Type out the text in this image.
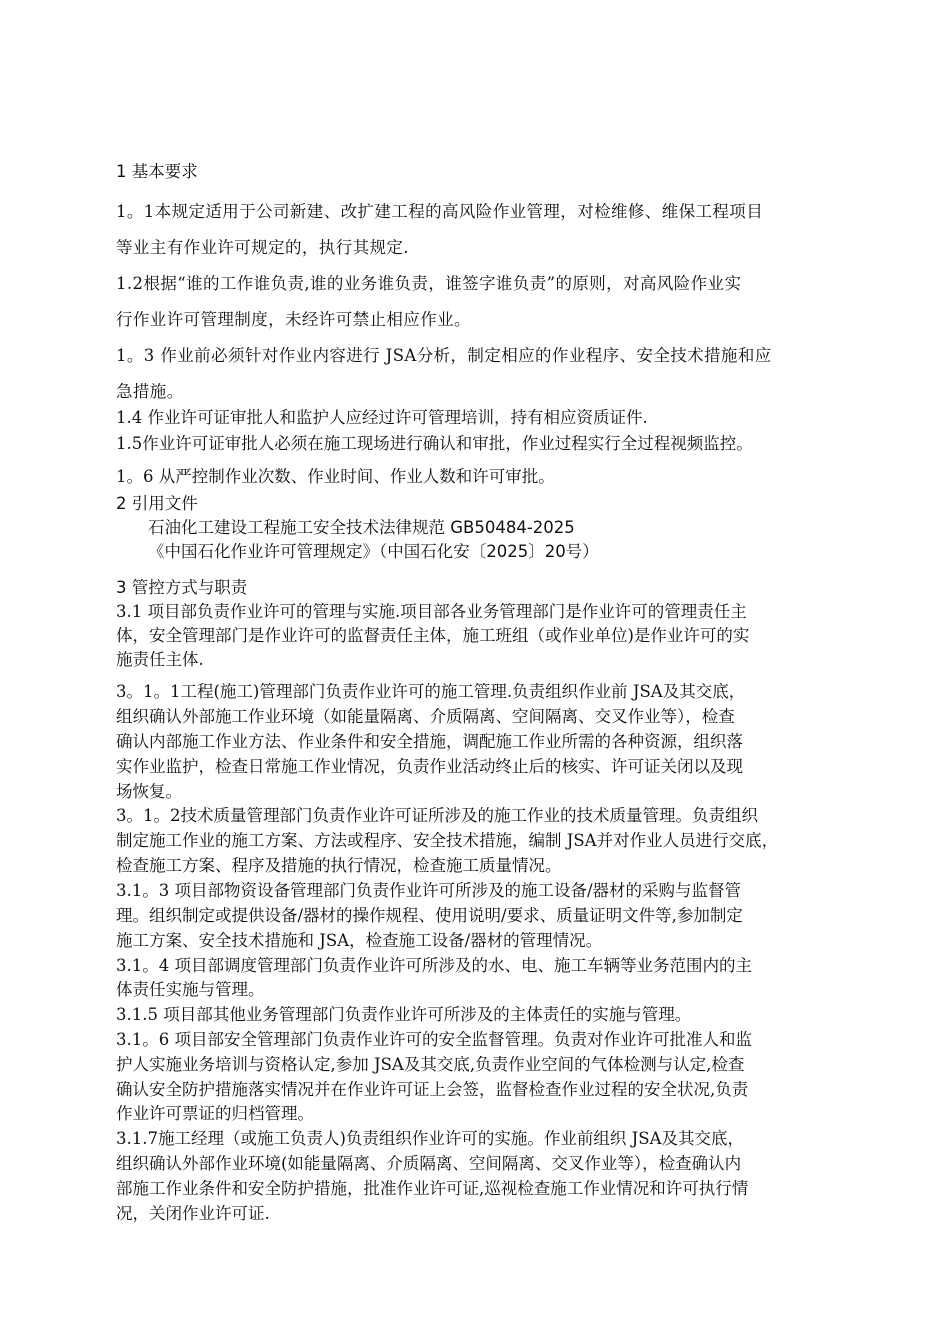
1 基本要求
1。1本规定适用于公司新建、改扩建工程的高风险作业管理，对检维修、维保工程项目
等业主有作业许可规定的，执行其规定.
1.2根据“谁的工作谁负责,谁的业务谁负责，谁签字谁负责”的原则，对高风险作业实
行作业许可管理制度，未经许可禁止相应作业。
1。3 作业前必须针对作业内容进行 JSA分析，制定相应的作业程序、安全技术措施和应
急措施。
1.4 作业许可证审批人和监护人应经过许可管理培训，持有相应资质证件.
1.5作业许可证审批人必须在施工现场进行确认和审批，作业过程实行全过程视频监控。
1。6 从严控制作业次数、作业时间、作业人数和许可审批。
2 引用文件
石油化工建设工程施工安全技术法律规范 GB50484-2025
《中国石化作业许可管理规定》（中国石化安〔2025〕20号）
3 管控方式与职责
3.1 项目部负责作业许可的管理与实施.项目部各业务管理部门是作业许可的管理责任主
体，安全管理部门是作业许可的监督责任主体，施工班组（或作业单位)是作业许可的实
施责任主体.
3。1。1工程(施工)管理部门负责作业许可的施工管理.负责组织作业前 JSA及其交底，
组织确认外部施工作业环境（如能量隔离、介质隔离、空间隔离、交叉作业等），检查
确认内部施工作业方法、作业条件和安全措施，调配施工作业所需的各种资源，组织落
实作业监护，检查日常施工作业情况，负责作业活动终止后的核实、许可证关闭以及现
场恢复。
3。1。2技术质量管理部门负责作业许可证所涉及的施工作业的技术质量管理。负责组织
制定施工作业的施工方案、方法或程序、安全技术措施，编制 JSA并对作业人员进行交底，
检查施工方案、程序及措施的执行情况，检查施工质量情况。
3.1。3 项目部物资设备管理部门负责作业许可所涉及的施工设备/器材的采购与监督管
理。组织制定或提供设备/器材的操作规程、使用说明/要求、质量证明文件等,参加制定
施工方案、安全技术措施和 JSA，检查施工设备/器材的管理情况。
3.1。4 项目部调度管理部门负责作业许可所涉及的水、电、施工车辆等业务范围内的主
体责任实施与管理。
3.1.5 项目部其他业务管理部门负责作业许可所涉及的主体责任的实施与管理。
3.1。6 项目部安全管理部门负责作业许可的安全监督管理。负责对作业许可批准人和监
护人实施业务培训与资格认定,参加 JSA及其交底,负责作业空间的气体检测与认定,检查
确认安全防护措施落实情况并在作业许可证上会签，监督检查作业过程的安全状况,负责
作业许可票证的归档管理。
3.1.7施工经理（或施工负责人)负责组织作业许可的实施。作业前组织 JSA及其交底，
组织确认外部作业环境(如能量隔离、介质隔离、空间隔离、交叉作业等），检查确认内
部施工作业条件和安全防护措施，批准作业许可证,巡视检查施工作业情况和许可执行情
况，关闭作业许可证.
